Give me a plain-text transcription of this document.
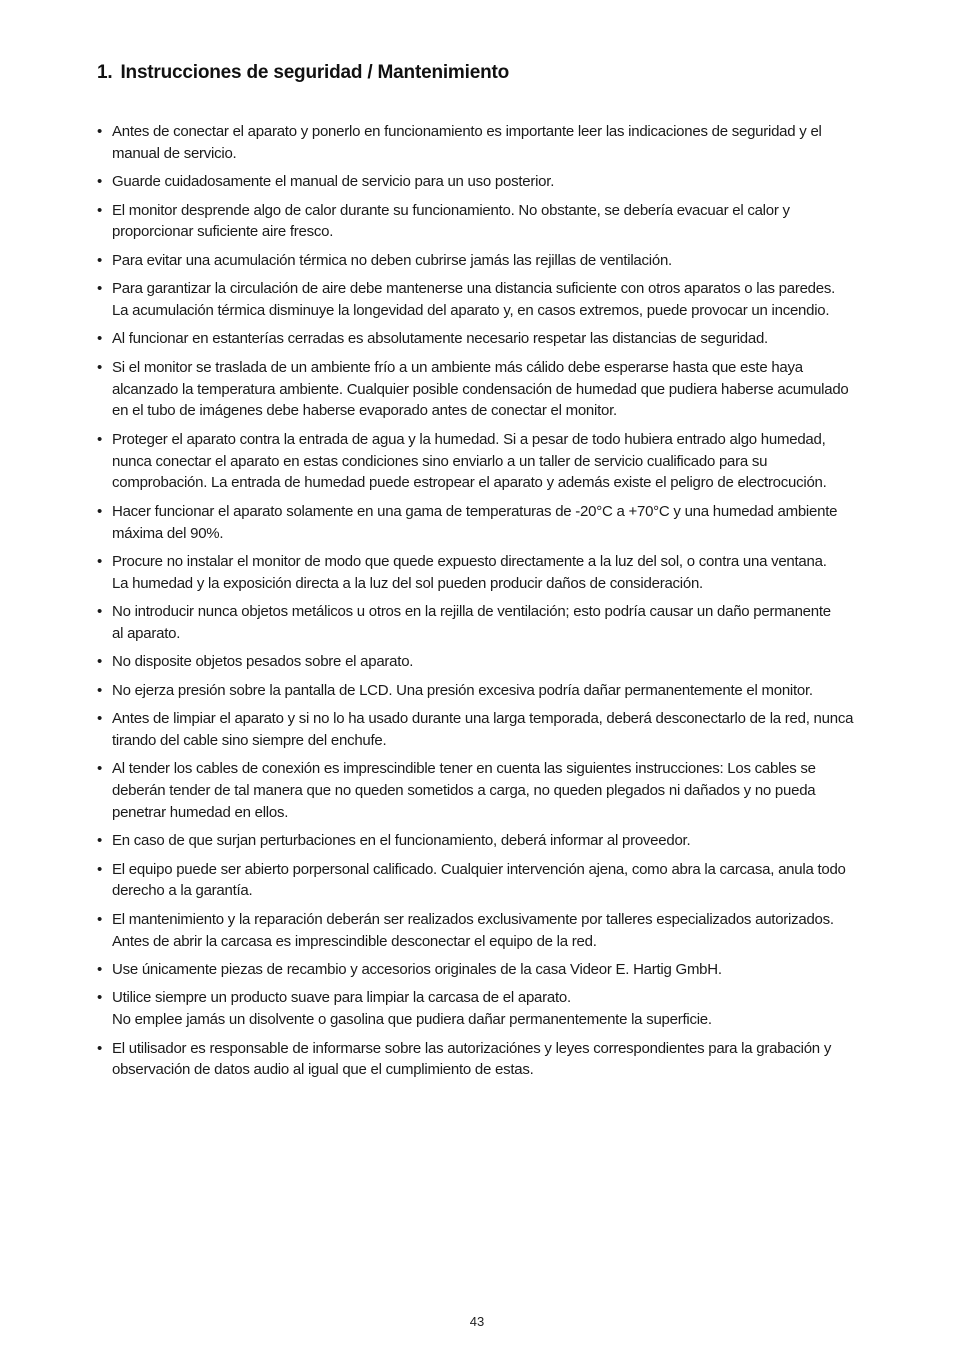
1. Instrucciones de seguridad / Mantenimiento
• Antes de conectar el aparato y ponerlo en funcionamiento es importante leer las indicaciones de seguridad y el
manual de servicio.
• Guarde cuidadosamente el manual de servicio para un uso posterior.
• El monitor desprende algo de calor durante su funcionamiento. No obstante, se debería evacuar el calor y
proporcionar suficiente aire fresco.
• Para evitar una acumulación térmica no deben cubrirse jamás las rejillas de ventilación.
• Para garantizar la circulación de aire debe mantenerse una distancia suficiente con otros aparatos o las paredes.
La acumulación térmica disminuye la longevidad del aparato y, en casos extremos, puede provocar un incendio.
• Al funcionar en estanterías cerradas es absolutamente necesario respetar las distancias de seguridad.
• Si el monitor se traslada de un ambiente frío a un ambiente más cálido debe esperarse hasta que este haya
alcanzado la temperatura ambiente. Cualquier posible condensación de humedad que pudiera haberse acumulado
en el tubo de imágenes debe haberse evaporado antes de conectar el monitor.
• Proteger el aparato contra la entrada de agua y la humedad. Si a pesar de todo hubiera entrado algo humedad,
nunca conectar el aparato en estas condiciones sino enviarlo a un taller de servicio cualificado para su
comprobación. La entrada de humedad puede estropear el aparato y además existe el peligro de electrocución.
• Hacer funcionar el aparato solamente en una gama de temperaturas de -20°C a +70°C y una humedad ambiente
máxima del 90%.
• Procure no instalar el monitor de modo que quede expuesto directamente a la luz del sol, o contra una ventana.
La humedad y la exposición directa a la luz del sol pueden producir daños de consideración.
• No introducir nunca objetos metálicos u otros en la rejilla de ventilación; esto podría causar un daño permanente
al aparato.
• No disposite objetos pesados sobre el aparato.
• No ejerza presión sobre la pantalla de LCD. Una presión excesiva podría dañar permanentemente el monitor.
• Antes de limpiar el aparato y si no lo ha usado durante una larga temporada, deberá desconectarlo de la red, nunca
tirando del cable sino siempre del enchufe.
• Al tender los cables de conexión es imprescindible tener en cuenta las siguientes instrucciones: Los cables se
deberán tender de tal manera que no queden sometidos a carga, no queden plegados ni dañados y no pueda
penetrar humedad en ellos.
• En caso de que surjan perturbaciones en el funcionamiento, deberá informar al proveedor.
• El equipo puede ser abierto porpersonal calificado. Cualquier intervención ajena, como abra la carcasa, anula todo
derecho a la garantía.
• El mantenimiento y la reparación deberán ser realizados exclusivamente por talleres especializados autorizados.
Antes de abrir la carcasa es imprescindible desconectar el equipo de la red.
• Use únicamente piezas de recambio y accesorios originales de la casa Videor E. Hartig GmbH.
• Utilice siempre un producto suave para limpiar la carcasa de el aparato.
No emplee jamás un disolvente o gasolina que pudiera dañar permanentemente la superficie.
• El utilisador es responsable de informarse sobre las autorizaciónes y leyes correspondientes para la grabación y
observación de datos audio al igual que el cumplimiento de estas.
43
